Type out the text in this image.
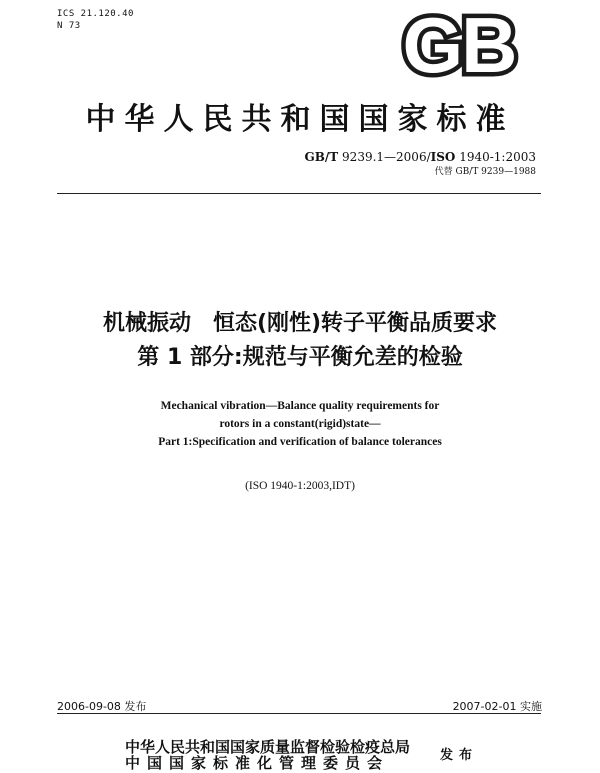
ICS 21.120.40
N 73	GB
中华人民共和国国家标准
GB/T 9239.1—2006/ISO 1940-1:2003
代替 GB/T 9239—1988
机械振动　恒态(刚性)转子平衡品质要求
第 1 部分:规范与平衡允差的检验
Mechanical vibration—Balance quality requirements for
rotors in a constant(rigid)state—
Part 1:Specification and verification of balance tolerances
(ISO 1940-1:2003,IDT)
2006-09-08 发布	2007-02-01 实施
中华人民共和国国家质量监督检验检疫总局
中国国家标准化管理委员会	发布
